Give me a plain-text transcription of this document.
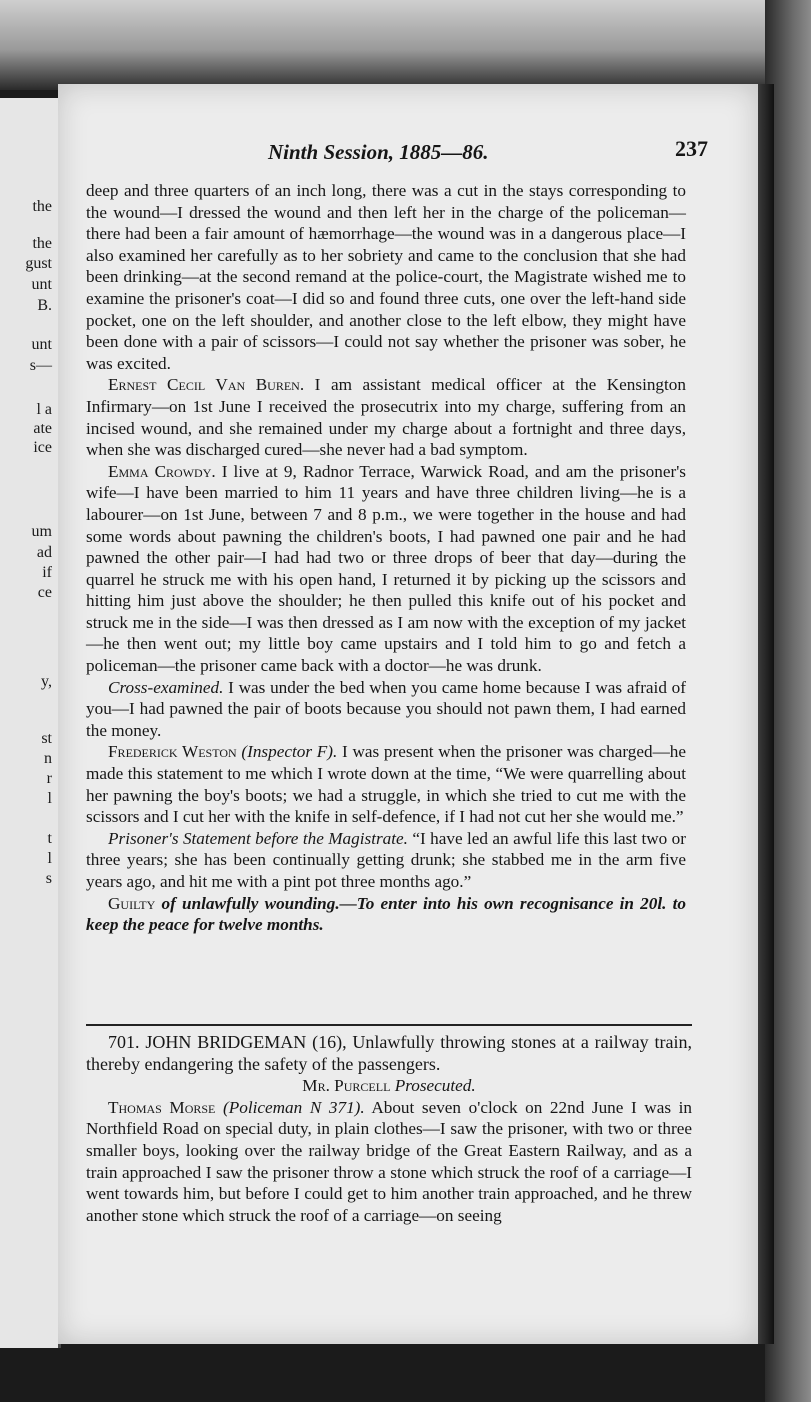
the
the
gust
unt
B.
unt
s—
l a
ate
ice
um
ad
if
ce
y,
st
n
r
l
t
l
s
Ninth Session, 1885—86.	237

deep and three quarters of an inch long, there was a cut in the stays corresponding to the wound—I dressed the wound and then left her in the charge of the policeman—there had been a fair amount of hæmorrhage—the wound was in a dangerous place—I also examined her carefully as to her sobriety and came to the conclusion that she had been drinking—at the second remand at the police-court, the Magistrate wished me to examine the prisoner's coat—I did so and found three cuts, one over the left-hand side pocket, one on the left shoulder, and another close to the left elbow, they might have been done with a pair of scissors—I could not say whether the prisoner was sober, he was excited.

Ernest Cecil Van Buren. I am assistant medical officer at the Kensington Infirmary—on 1st June I received the prosecutrix into my charge, suffering from an incised wound, and she remained under my charge about a fortnight and three days, when she was discharged cured—she never had a bad symptom.

Emma Crowdy. I live at 9, Radnor Terrace, Warwick Road, and am the prisoner's wife—I have been married to him 11 years and have three children living—he is a labourer—on 1st June, between 7 and 8 p.m., we were together in the house and had some words about pawning the children's boots, I had pawned one pair and he had pawned the other pair—I had had two or three drops of beer that day—during the quarrel he struck me with his open hand, I returned it by picking up the scissors and hitting him just above the shoulder; he then pulled this knife out of his pocket and struck me in the side—I was then dressed as I am now with the exception of my jacket—he then went out; my little boy came upstairs and I told him to go and fetch a policeman—the prisoner came back with a doctor—he was drunk.

Cross-examined. I was under the bed when you came home because I was afraid of you—I had pawned the pair of boots because you should not pawn them, I had earned the money.

Frederick Weston (Inspector F). I was present when the prisoner was charged—he made this statement to me which I wrote down at the time, “We were quarrelling about her pawning the boy's boots; we had a struggle, in which she tried to cut me with the scissors and I cut her with the knife in self-defence, if I had not cut her she would me.”

Prisoner's Statement before the Magistrate. “I have led an awful life this last two or three years; she has been continually getting drunk; she stabbed me in the arm five years ago, and hit me with a pint pot three months ago.”

Guilty of unlawfully wounding.—To enter into his own recognisance in 20l. to keep the peace for twelve months.

701. JOHN BRIDGEMAN (16), Unlawfully throwing stones at a railway train, thereby endangering the safety of the passengers.

Mr. Purcell Prosecuted.

Thomas Morse (Policeman N 371). About seven o'clock on 22nd June I was in Northfield Road on special duty, in plain clothes—I saw the prisoner, with two or three smaller boys, looking over the railway bridge of the Great Eastern Railway, and as a train approached I saw the prisoner throw a stone which struck the roof of a carriage—I went towards him, but before I could get to him another train approached, and he threw another stone which struck the roof of a carriage—on seeing
